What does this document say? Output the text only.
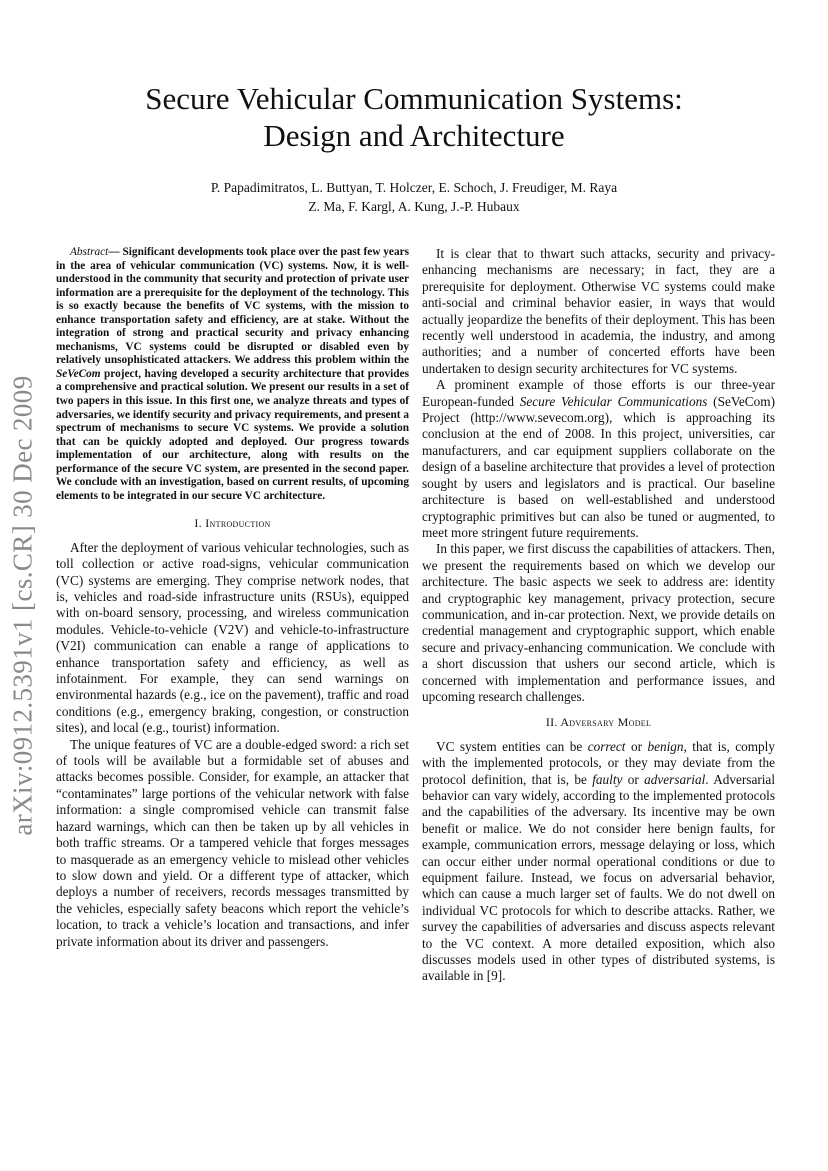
arXiv:0912.5391v1 [cs.CR] 30 Dec 2009
Secure Vehicular Communication Systems:
Design and Architecture
P. Papadimitratos, L. Buttyan, T. Holczer, E. Schoch, J. Freudiger, M. Raya
Z. Ma, F. Kargl, A. Kung, J.-P. Hubaux
Abstract— Significant developments took place over the past few years in the area of vehicular communication (VC) systems. Now, it is well-understood in the community that security and protection of private user information are a prerequisite for the deployment of the technology. This is so exactly because the benefits of VC systems, with the mission to enhance transportation safety and efficiency, are at stake. Without the integration of strong and practical security and privacy enhancing mechanisms, VC systems could be disrupted or disabled even by relatively unsophisticated attackers. We address this problem within the SeVeCom project, having developed a security architecture that provides a comprehensive and practical solution. We present our results in a set of two papers in this issue. In this first one, we analyze threats and types of adversaries, we identify security and privacy requirements, and present a spectrum of mechanisms to secure VC systems. We provide a solution that can be quickly adopted and deployed. Our progress towards implementation of our architecture, along with results on the performance of the secure VC system, are presented in the second paper. We conclude with an investigation, based on current results, of upcoming elements to be integrated in our secure VC architecture.
I. Introduction

After the deployment of various vehicular technologies, such as toll collection or active road-signs, vehicular communication (VC) systems are emerging. They comprise network nodes, that is, vehicles and road-side infrastructure units (RSUs), equipped with on-board sensory, processing, and wireless communication modules. Vehicle-to-vehicle (V2V) and vehicle-to-infrastructure (V2I) communication can enable a range of applications to enhance transportation safety and efficiency, as well as infotainment. For example, they can send warnings on environmental hazards (e.g., ice on the pavement), traffic and road conditions (e.g., emergency braking, congestion, or construction sites), and local (e.g., tourist) information.

The unique features of VC are a double-edged sword: a rich set of tools will be available but a formidable set of abuses and attacks becomes possible. Consider, for example, an attacker that “contaminates” large portions of the vehicular network with false information: a single compromised vehicle can transmit false hazard warnings, which can then be taken up by all vehicles in both traffic streams. Or a tampered vehicle that forges messages to masquerade as an emergency vehicle to mislead other vehicles to slow down and yield. Or a different type of attacker, which deploys a number of receivers, records messages transmitted by the vehicles, especially safety beacons which report the vehicle’s location, to track a vehicle’s location and transactions, and infer private information about its driver and passengers.

It is clear that to thwart such attacks, security and privacy-enhancing mechanisms are necessary; in fact, they are a prerequisite for deployment. Otherwise VC systems could make anti-social and criminal behavior easier, in ways that would actually jeopardize the benefits of their deployment. This has been recently well understood in academia, the industry, and among authorities; and a number of concerted efforts have been undertaken to design security architectures for VC systems.

A prominent example of those efforts is our three-year European-funded Secure Vehicular Communications (SeVeCom) Project (http://www.sevecom.org), which is approaching its conclusion at the end of 2008. In this project, universities, car manufacturers, and car equipment suppliers collaborate on the design of a baseline architecture that provides a level of protection sought by users and legislators and is practical. Our baseline architecture is based on well-established and understood cryptographic primitives but can also be tuned or augmented, to meet more stringent future requirements.

In this paper, we first discuss the capabilities of attackers. Then, we present the requirements based on which we develop our architecture. The basic aspects we seek to address are: identity and cryptographic key management, privacy protection, secure communication, and in-car protection. Next, we provide details on credential management and cryptographic support, which enable secure and privacy-enhancing communication. We conclude with a short discussion that ushers our second article, which is concerned with implementation and performance issues, and upcoming research challenges.

II. Adversary Model

VC system entities can be correct or benign, that is, comply with the implemented protocols, or they may deviate from the protocol definition, that is, be faulty or adversarial. Adversarial behavior can vary widely, according to the implemented protocols and the capabilities of the adversary. Its incentive may be own benefit or malice. We do not consider here benign faults, for example, communication errors, message delaying or loss, which can occur either under normal operational conditions or due to equipment failure. Instead, we focus on adversarial behavior, which can cause a much larger set of faults. We do not dwell on individual VC protocols for which to describe attacks. Rather, we survey the capabilities of adversaries and discuss aspects relevant to the VC context. A more detailed exposition, which also discusses models used in other types of distributed systems, is available in [9].
